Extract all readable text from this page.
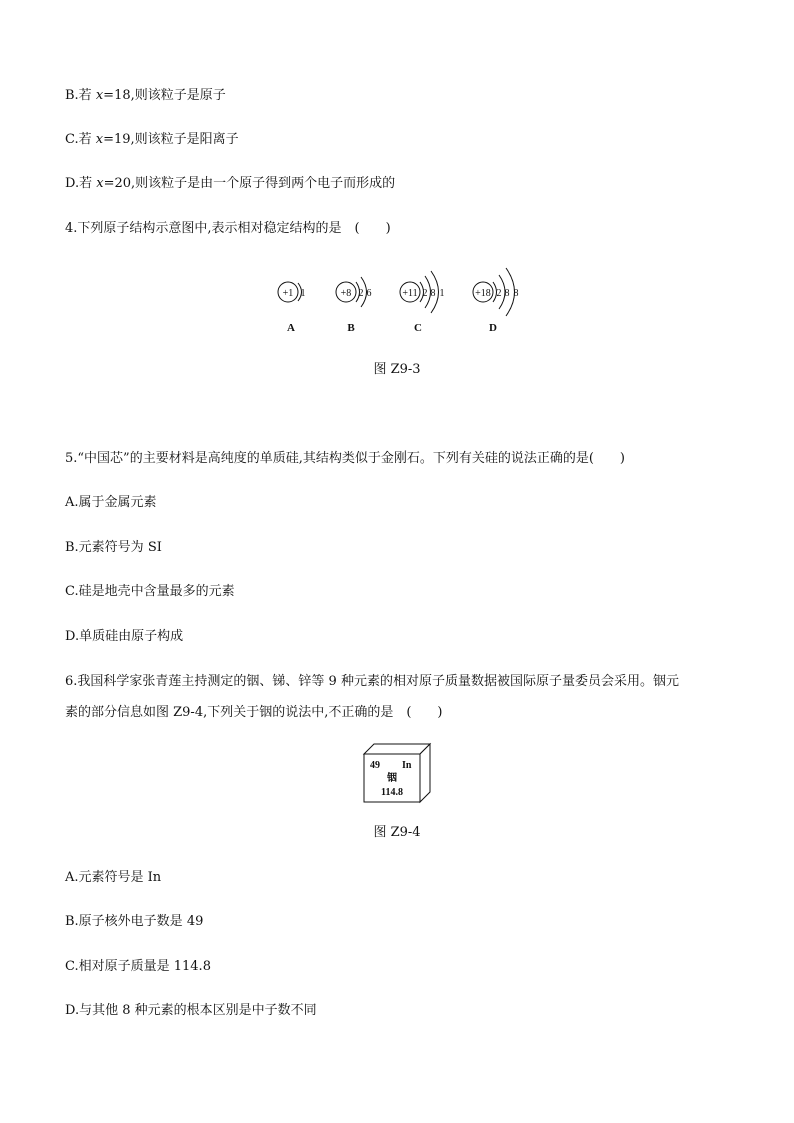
B.若 x=18,则该粒子是原子
C.若 x=19,则该粒子是阳离子
D.若 x=20,则该粒子是由一个原子得到两个电子而形成的
4.下列原子结构示意图中,表示相对稳定结构的是　(　　)
+1 1
A
+8 2 6
B
+11 2 8 1
C
+18 2 8 8
D
图 Z9-3
5.“中国芯”的主要材料是高纯度的单质硅,其结构类似于金刚石。下列有关硅的说法正确的是(　　)
A.属于金属元素
B.元素符号为 SI
C.硅是地壳中含量最多的元素
D.单质硅由原子构成
6.我国科学家张青莲主持测定的铟、锑、锌等 9 种元素的相对原子质量数据被国际原子量委员会采用。铟元
素的部分信息如图 Z9-4,下列关于铟的说法中,不正确的是　(　　)
49 In
铟
114.8
图 Z9-4
A.元素符号是 In
B.原子核外电子数是 49
C.相对原子质量是 114.8
D.与其他 8 种元素的根本区别是中子数不同
